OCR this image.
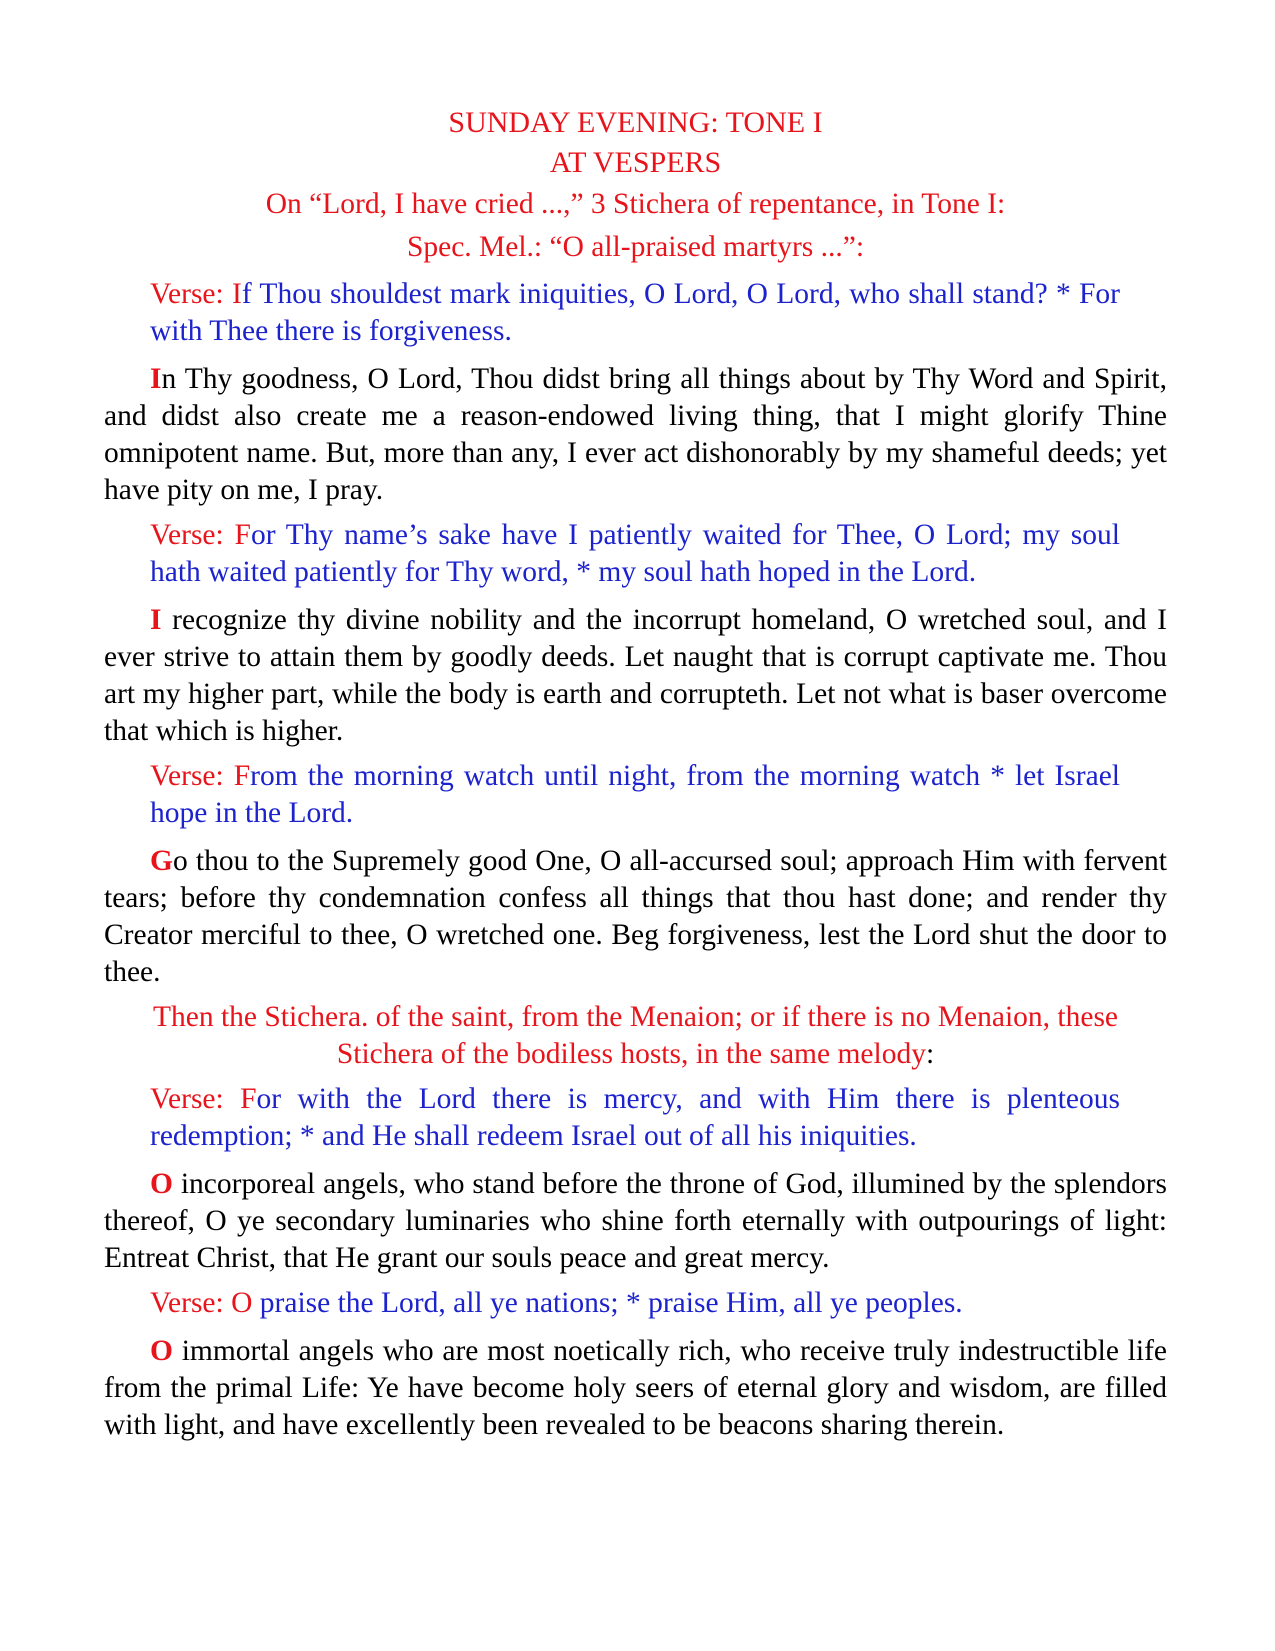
SUNDAY EVENING: TONE I

AT VESPERS

On “Lord, I have cried ...,” 3 Stichera of repentance, in Tone I:

Spec. Mel.: “O all-praised martyrs ...”:

Verse: If Thou shouldest mark iniquities, O Lord, O Lord, who shall stand? * For with Thee there is forgiveness.

In Thy goodness, O Lord, Thou didst bring all things about by Thy Word and Spirit, and didst also create me a reason-endowed living thing, that I might glorify Thine omnipotent name. But, more than any, I ever act dishonorably by my shameful deeds; yet have pity on me, I pray.

Verse: For Thy name’s sake have I patiently waited for Thee, O Lord; my soul hath waited patiently for Thy word, * my soul hath hoped in the Lord.

I recognize thy divine nobility and the incorrupt homeland, O wretched soul, and I ever strive to attain them by goodly deeds. Let naught that is corrupt captivate me. Thou art my higher part, while the body is earth and corrupteth. Let not what is baser overcome that which is higher.

Verse: From the morning watch until night, from the morning watch * let Israel hope in the Lord.

Go thou to the Supremely good One, O all-accursed soul; approach Him with fervent tears; before thy condemnation confess all things that thou hast done; and render thy Creator merciful to thee, O wretched one. Beg forgiveness, lest the Lord shut the door to thee.

Then the Stichera. of the saint, from the Menaion; or if there is no Menaion, these Stichera of the bodiless hosts, in the same melody:

Verse: For with the Lord there is mercy, and with Him there is plenteous redemption; * and He shall redeem Israel out of all his iniquities.

O incorporeal angels, who stand before the throne of God, illumined by the splendors thereof, O ye secondary luminaries who shine forth eternally with outpourings of light: Entreat Christ, that He grant our souls peace and great mercy.

Verse: O praise the Lord, all ye nations; * praise Him, all ye peoples.

O immortal angels who are most noetically rich, who receive truly indestructible life from the primal Life: Ye have become holy seers of eternal glory and wisdom, are filled with light, and have excellently been revealed to be beacons sharing therein.
